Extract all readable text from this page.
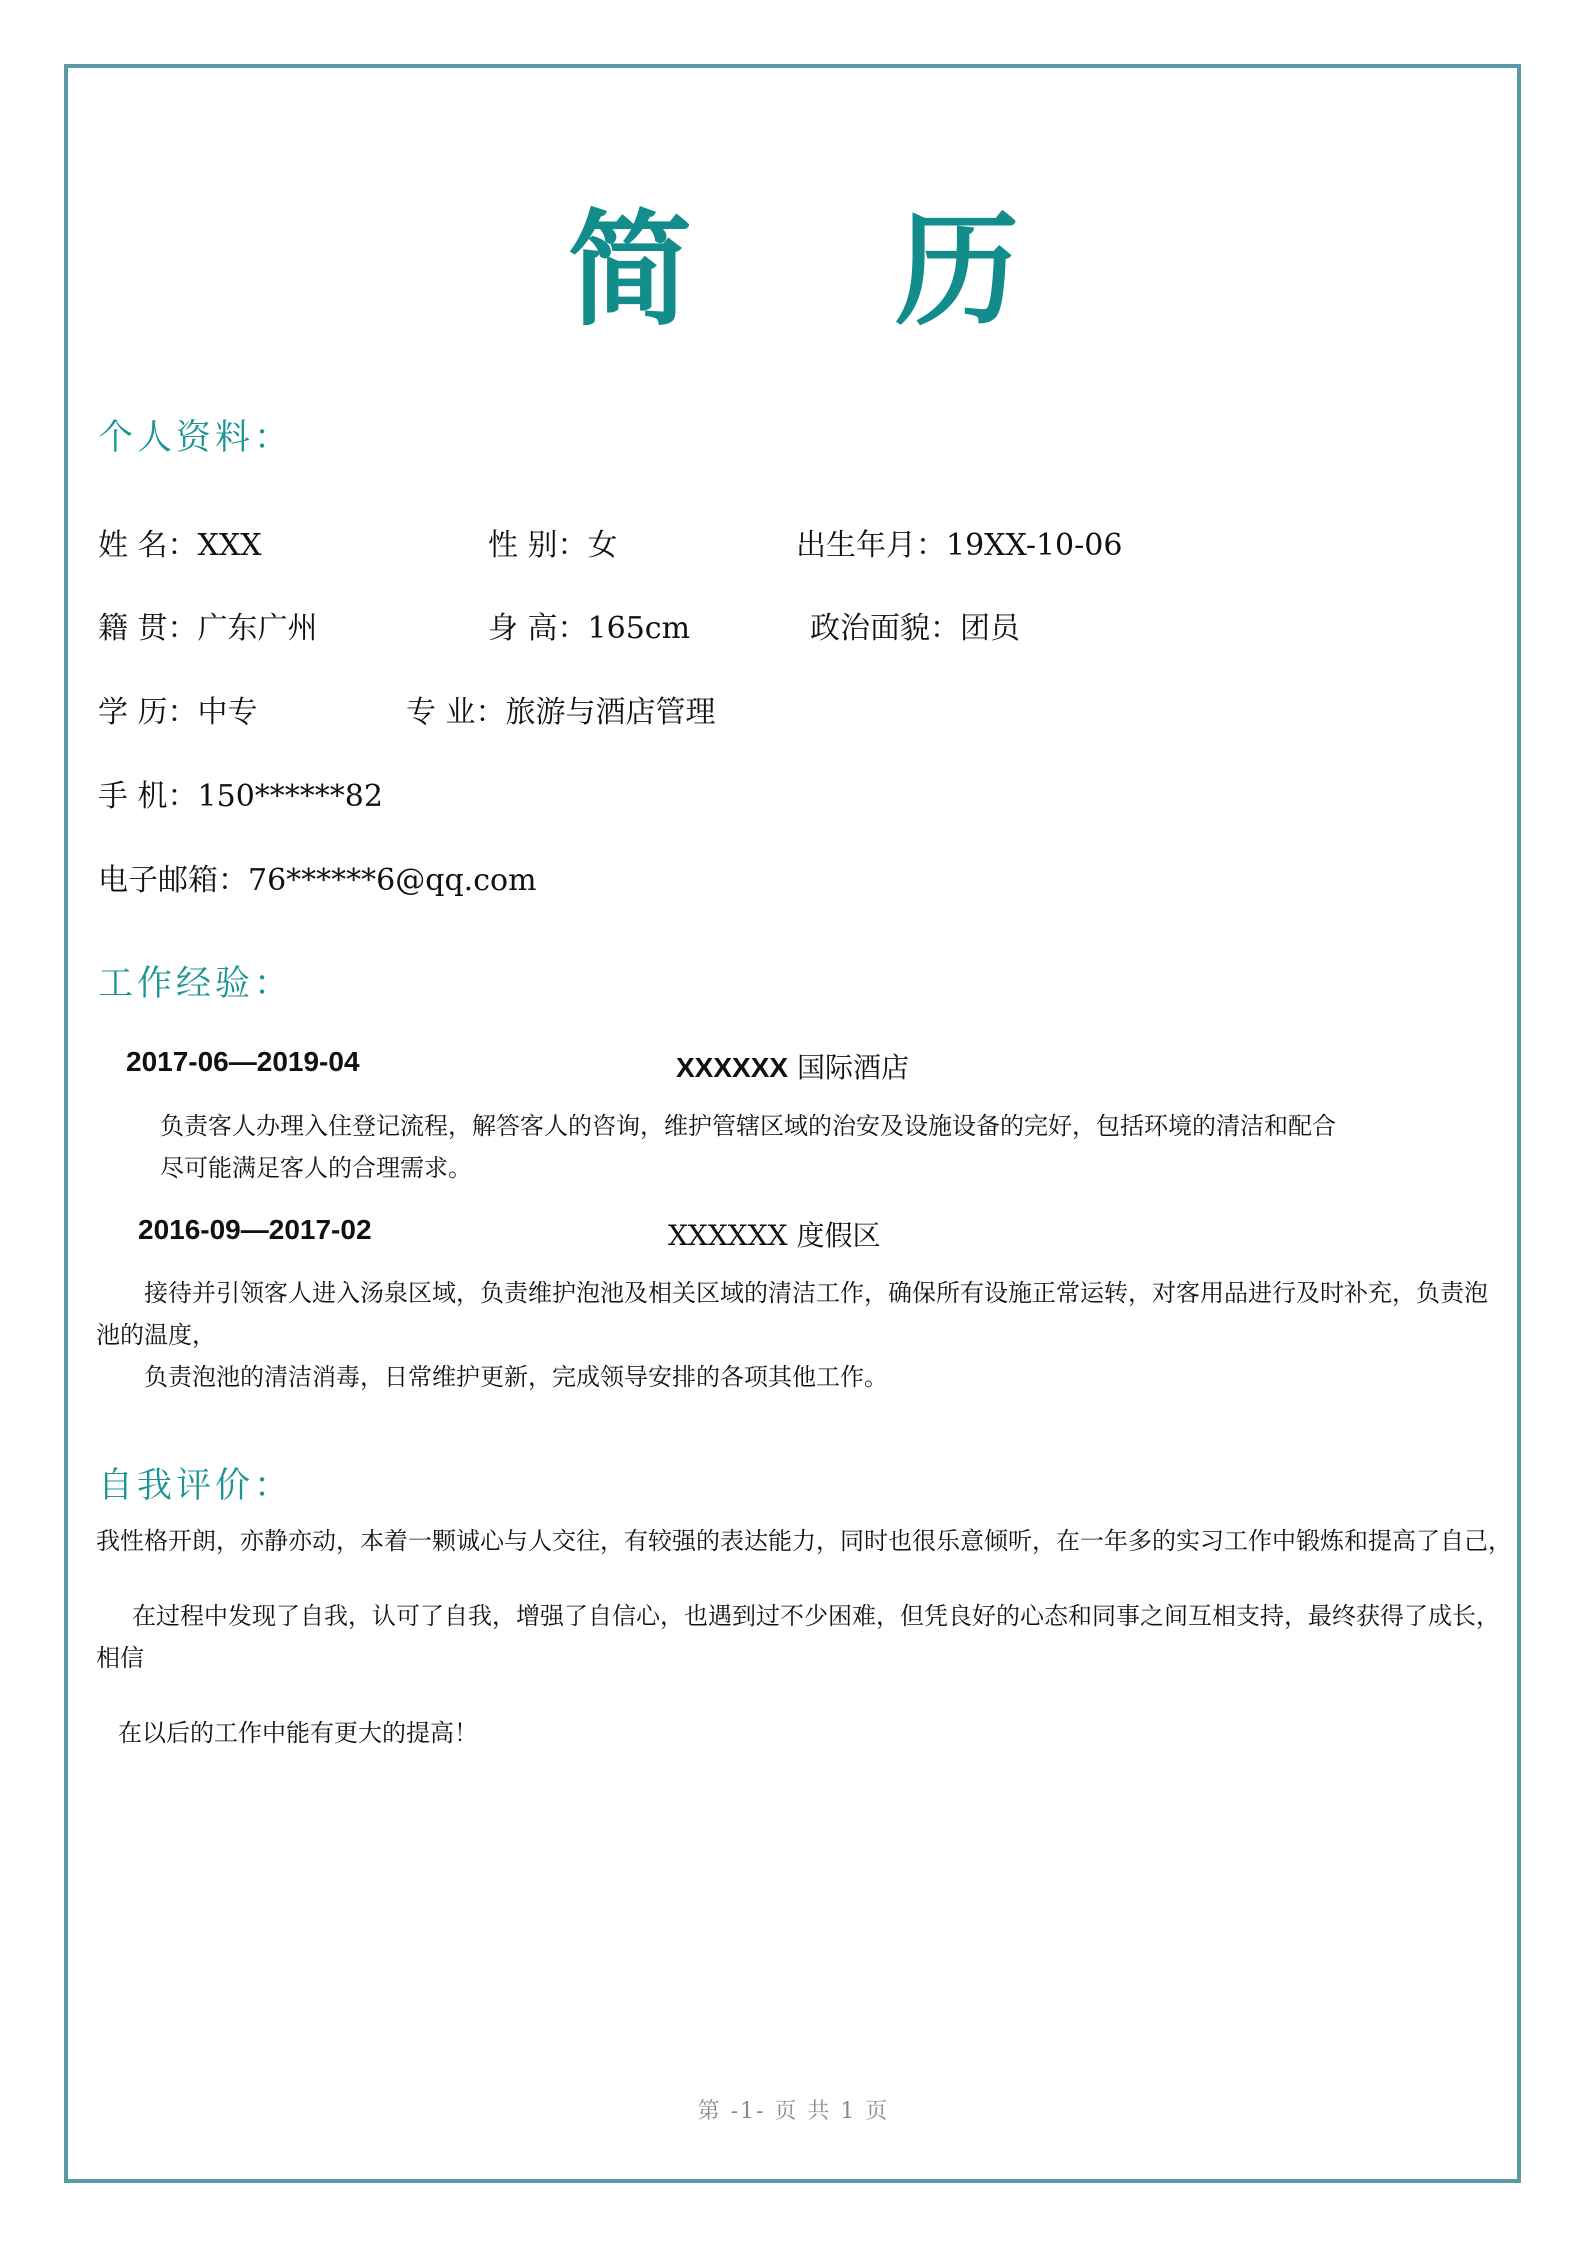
简 历
个人资料：
姓 名：XXX	性 别：女	出生年月：19XX-10-06
籍 贯：广东广州	身 高：165cm	政治面貌：团员
学 历：中专	专 业：旅游与酒店管理
手 机：150******82
电子邮箱：76******6@qq.com
工作经验：
2017-06—2019-04	XXXXXX 国际酒店
负责客人办理入住登记流程，解答客人的咨询，维护管辖区域的治安及设施设备的完好，包括环境的清洁和配合
尽可能满足客人的合理需求。
2016-09—2017-02	XXXXXX 度假区
接待并引领客人进入汤泉区域，负责维护泡池及相关区域的清洁工作，确保所有设施正常运转，对客用品进行及时补充，负责泡
池的温度，
负责泡池的清洁消毒，日常维护更新，完成领导安排的各项其他工作。
自我评价：
我性格开朗，亦静亦动，本着一颗诚心与人交往，有较强的表达能力，同时也很乐意倾听，在一年多的实习工作中锻炼和提高了自己，
在过程中发现了自我，认可了自我，增强了自信心，也遇到过不少困难，但凭良好的心态和同事之间互相支持，最终获得了成长，
相信
在以后的工作中能有更大的提高！
第 -1- 页 共 1 页
